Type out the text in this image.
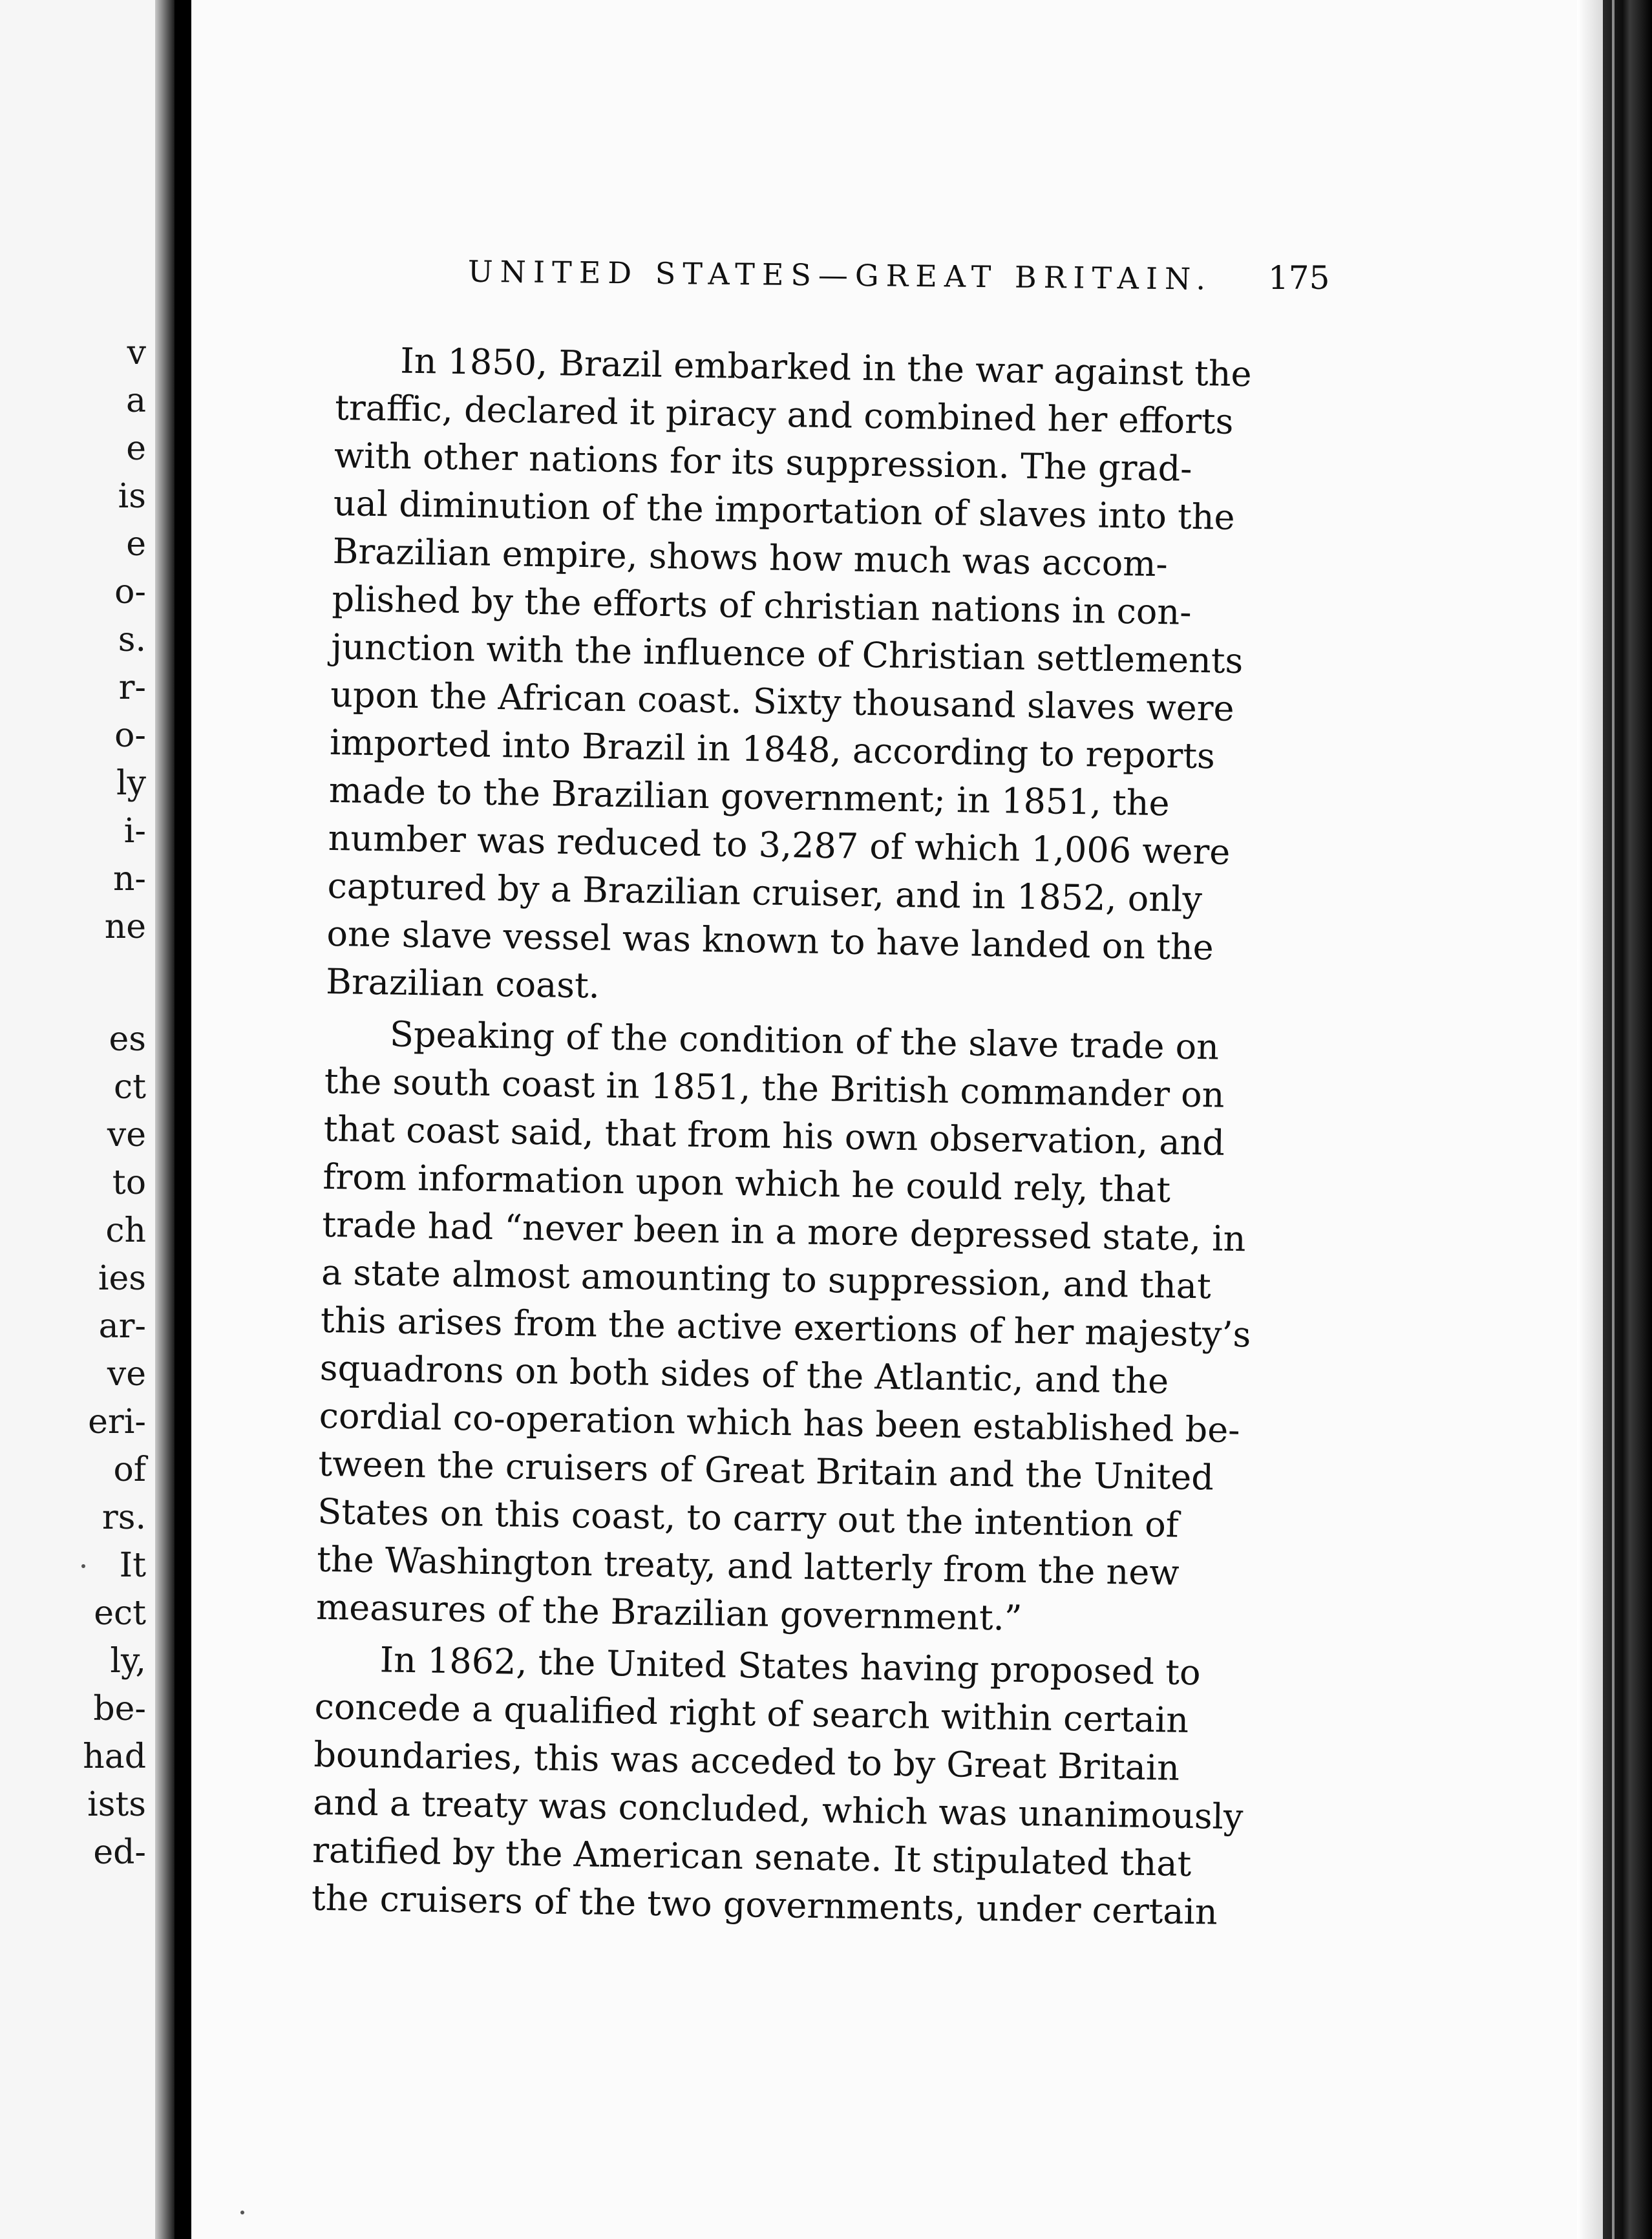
v
a
e
is
e
o-
s.
r-
o-
ly
i-
n-
ne
es
ct
ve
to
ch
ies
ar-
ve
eri-
of
rs.
It
ect
ly,
be-
had
ists
ed-
UNITED STATES—GREAT BRITAIN.	175
In 1850, Brazil embarked in the war against the
traffic, declared it piracy and combined her efforts
with other nations for its suppression. The grad-
ual diminution of the importation of slaves into the
Brazilian empire, shows how much was accom-
plished by the efforts of christian nations in con-
junction with the influence of Christian settlements
upon the African coast. Sixty thousand slaves were
imported into Brazil in 1848, according to reports
made to the Brazilian government; in 1851, the
number was reduced to 3,287 of which 1,006 were
captured by a Brazilian cruiser, and in 1852, only
one slave vessel was known to have landed on the
Brazilian coast.
Speaking of the condition of the slave trade on
the south coast in 1851, the British commander on
that coast said, that from his own observation, and
from information upon which he could rely, that
trade had “never been in a more depressed state, in
a state almost amounting to suppression, and that
this arises from the active exertions of her majesty’s
squadrons on both sides of the Atlantic, and the
cordial co-operation which has been established be-
tween the cruisers of Great Britain and the United
States on this coast, to carry out the intention of
the Washington treaty, and latterly from the new
measures of the Brazilian government.”
In 1862, the United States having proposed to
concede a qualified right of search within certain
boundaries, this was acceded to by Great Britain
and a treaty was concluded, which was unanimously
ratified by the American senate. It stipulated that
the cruisers of the two governments, under certain
